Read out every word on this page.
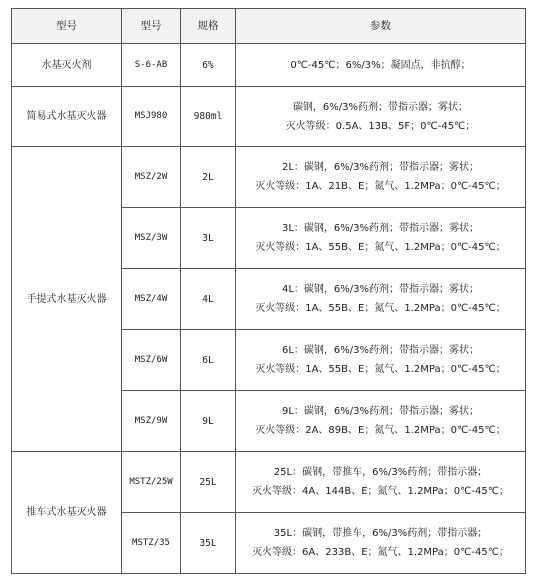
型号	型号	规格	参数
水基灭火剂	S-6-AB	6%	0℃-45℃；6%/3%；凝固点，非抗醇；

简易式水基灭火器	MSJ980	980ml	碳钢，6%/3%药剂；带指示器；雾状；
灭火等级：0.5A、13B、5F；0℃-45℃；

手提式水基灭火器	MSZ/2W	2L	2L：碳钢，6%/3%药剂；带指示器；雾状；
灭火等级：1A、21B、E；氮气、1.2MPa；0℃-45℃；

	MSZ/3W	3L	3L：碳钢，6%/3%药剂；带指示器；雾状；
灭火等级：1A、55B、E；氮气、1.2MPa；0℃-45℃；

	MSZ/4W	4L	4L：碳钢，6%/3%药剂；带指示器；雾状；
灭火等级：1A、55B、E；氮气、1.2MPa；0℃-45℃；

	MSZ/6W	6L	6L：碳钢，6%/3%药剂；带指示器；雾状；
灭火等级：1A、55B、E；氮气、1.2MPa；0℃-45℃；

	MSZ/9W	9L	9L：碳钢，6%/3%药剂；带指示器；雾状；
灭火等级：2A、89B、E；氮气、1.2MPa；0℃-45℃；

推车式水基灭火器	MSTZ/25W	25L	25L：碳钢，带推车，6%/3%药剂；带指示器；
灭火等级：4A、144B、E；氮气、1.2MPa；0℃-45℃；

	MSTZ/35	35L	35L：碳钢，带推车，6%/3%药剂；带指示器；
灭火等级：6A、233B、E；氮气、1.2MPa；0℃-45℃；
